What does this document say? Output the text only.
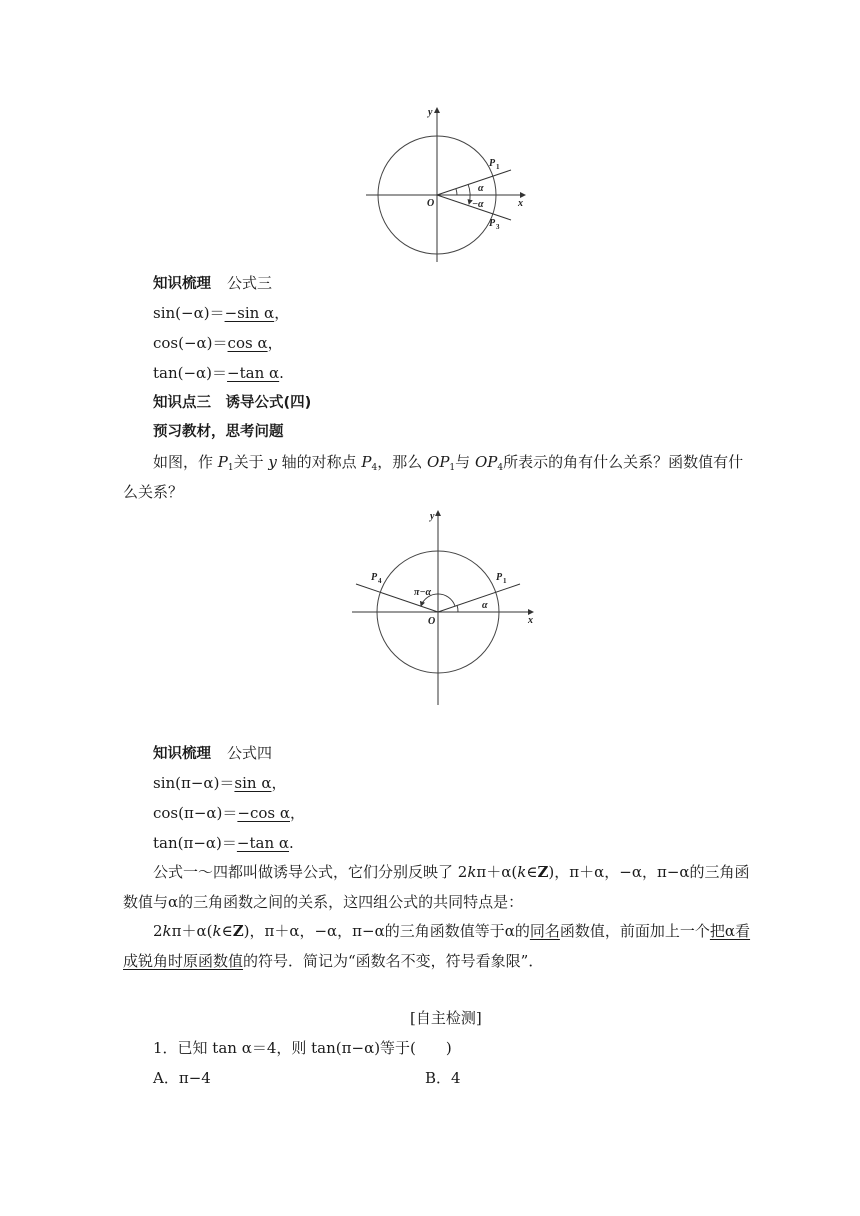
y
x
O
P 1
P 3
α
−α
知识梳理 公式三
sin(−α)＝−sin α，
cos(−α)＝cos α，
tan(−α)＝−tan α.
知识点三　诱导公式(四)
预习教材，思考问题
如图，作 $P_1$关于 y 轴的对称点 $P_4$，那么 $OP_1$与 $OP_4$所表示的角有什么关系？函数值有什
么关系？
y
x
O
P 1
P 4
α
π−α
知识梳理 公式四
sin(π−α)＝sin α，
cos(π−α)＝−cos α，
tan(π−α)＝−tan α.
公式一～四都叫做诱导公式，它们分别反映了 2kπ＋α(k∈Z)，π＋α，−α，π−α的三角函
数值与α的三角函数之间的关系，这四组公式的共同特点是：
2kπ＋α(k∈Z)，π＋α，−α，π−α的三角函数值等于α的同名函数值，前面加上一个把α看
成锐角时原函数值的符号．简记为“函数名不变，符号看象限”．
[自主检测]
1．已知 tan α＝4，则 tan(π−α)等于(　　)
A．π−4	B．4
